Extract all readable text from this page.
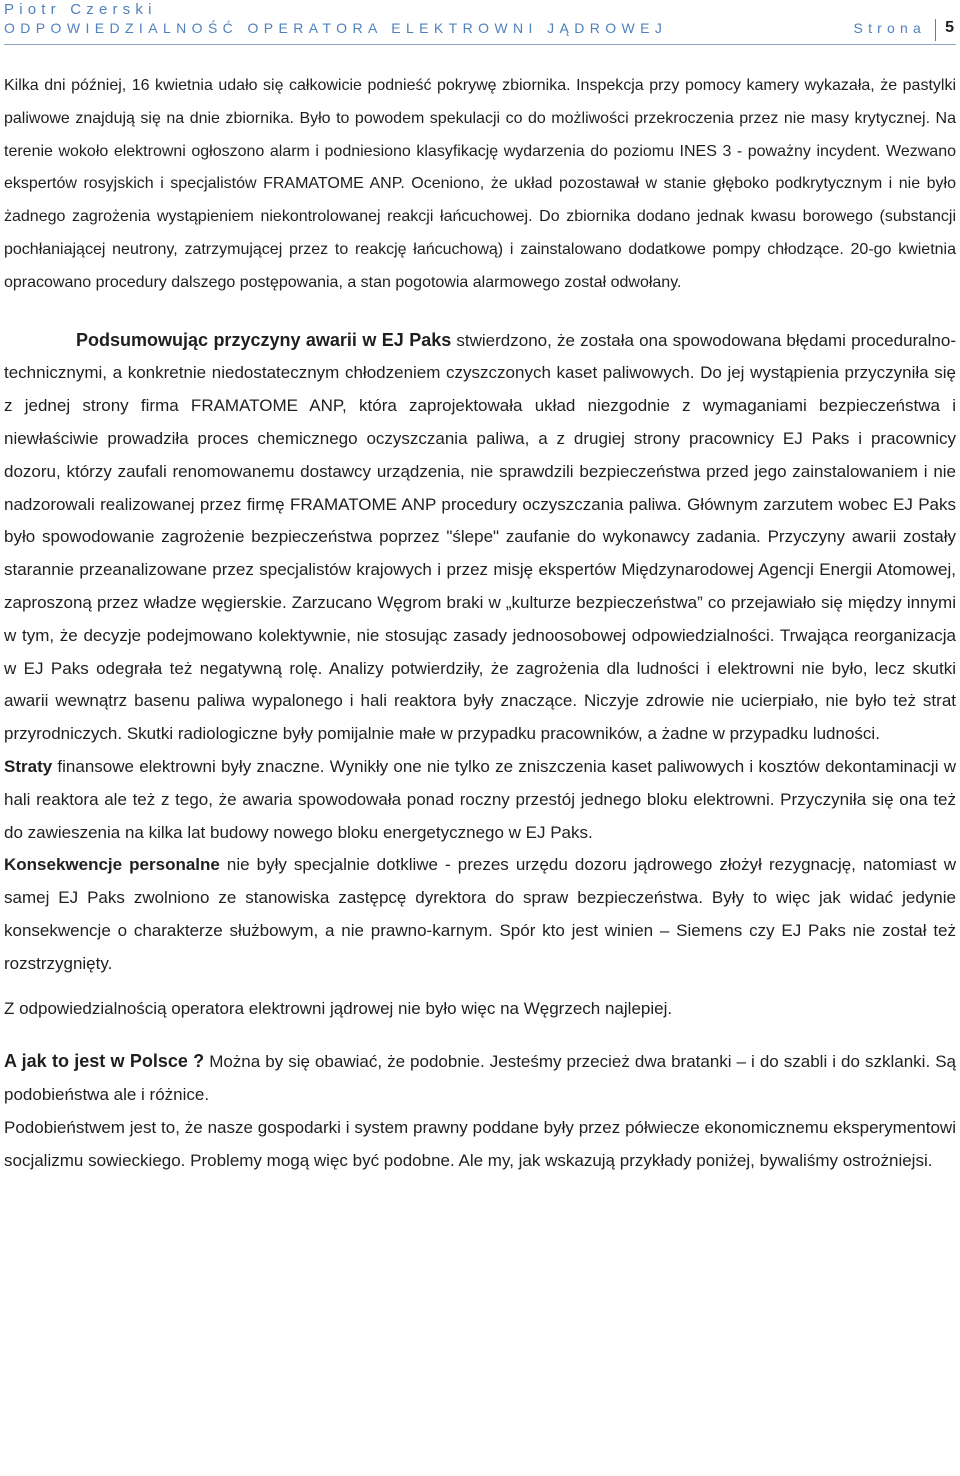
Piotr Czerski
ODPOWIEDZIALNOŚĆ OPERATORA ELEKTROWNI JĄDROWEJ	Strona 5

Kilka dni później, 16 kwietnia udało się całkowicie podnieść pokrywę zbiornika. Inspekcja przy pomocy kamery wykazała, że pastylki paliwowe znajdują się na dnie zbiornika. Było to powodem spekulacji co do możliwości przekroczenia przez nie masy krytycznej. Na terenie wokoło elektrowni ogłoszono alarm i podniesiono klasyfikację wydarzenia do poziomu INES 3 - poważny incydent. Wezwano ekspertów rosyjskich i specjalistów FRAMATOME ANP. Oceniono, że układ pozostawał w stanie głęboko podkrytycznym i nie było żadnego zagrożenia wystąpieniem niekontrolowanej reakcji łańcuchowej. Do zbiornika dodano jednak kwasu borowego (substancji pochłaniającej neutrony, zatrzymującej przez to reakcję łańcuchową) i zainstalowano dodatkowe pompy chłodzące. 20-go kwietnia opracowano procedury dalszego postępowania, a stan pogotowia alarmowego został odwołany.

Podsumowując przyczyny awarii w EJ Paks stwierdzono, że została ona spowodowana błędami proceduralno-technicznymi, a konkretnie niedostatecznym chłodzeniem czyszczonych kaset paliwowych. Do jej wystąpienia przyczyniła się z jednej strony firma FRAMATOME ANP, która zaprojektowała układ niezgodnie z wymaganiami bezpieczeństwa i niewłaściwie prowadziła proces chemicznego oczyszczania paliwa, a z drugiej strony pracownicy EJ Paks i pracownicy dozoru, którzy zaufali renomowanemu dostawcy urządzenia, nie sprawdzili bezpieczeństwa przed jego zainstalowaniem i nie nadzorowali realizowanej przez firmę FRAMATOME ANP procedury oczyszczania paliwa. Głównym zarzutem wobec EJ Paks było spowodowanie zagrożenie bezpieczeństwa poprzez "ślepe" zaufanie do wykonawcy zadania. Przyczyny awarii zostały starannie przeanalizowane przez specjalistów krajowych i przez misję ekspertów Międzynarodowej Agencji Energii Atomowej, zaproszoną przez władze węgierskie. Zarzucano Węgrom braki w „kulturze bezpieczeństwa” co przejawiało się między innymi w tym, że decyzje podejmowano kolektywnie, nie stosując zasady jednoosobowej odpowiedzialności. Trwająca reorganizacja w EJ Paks odegrała też negatywną rolę. Analizy potwierdziły, że zagrożenia dla ludności i elektrowni nie było, lecz skutki awarii wewnątrz basenu paliwa wypalonego i hali reaktora były znaczące. Niczyje zdrowie nie ucierpiało, nie było też strat przyrodniczych. Skutki radiologiczne były pomijalnie małe w przypadku pracowników, a żadne w przypadku ludności.

Straty finansowe elektrowni były znaczne. Wynikły one nie tylko ze zniszczenia kaset paliwowych i kosztów dekontaminacji w hali reaktora ale też z tego, że awaria spowodowała ponad roczny przestój jednego bloku elektrowni. Przyczyniła się ona też do zawieszenia na kilka lat budowy nowego bloku energetycznego w EJ Paks.

Konsekwencje personalne nie były specjalnie dotkliwe - prezes urzędu dozoru jądrowego złożył rezygnację, natomiast w samej EJ Paks zwolniono ze stanowiska zastępcę dyrektora do spraw bezpieczeństwa. Były to więc jak widać jedynie konsekwencje o charakterze służbowym, a nie prawno-karnym. Spór kto jest winien – Siemens czy EJ Paks nie został też rozstrzygnięty.

Z odpowiedzialnością operatora elektrowni jądrowej nie było więc na Węgrzech najlepiej.

A jak to jest w Polsce ? Można by się obawiać, że podobnie. Jesteśmy przecież dwa bratanki – i do szabli i do szklanki. Są podobieństwa ale i różnice.

Podobieństwem jest to, że nasze gospodarki i system prawny poddane były przez półwiecze ekonomicznemu eksperymentowi socjalizmu sowieckiego. Problemy mogą więc być podobne. Ale my, jak wskazują przykłady poniżej, bywaliśmy ostrożniejsi.
